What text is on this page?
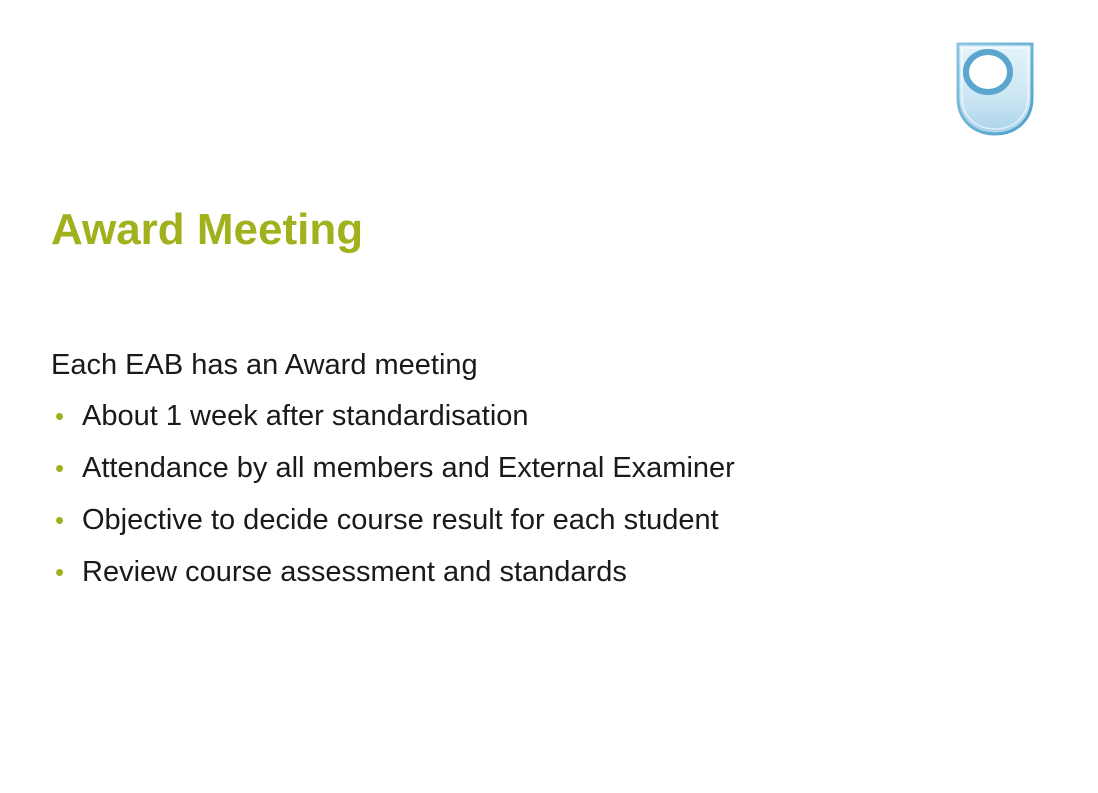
Award Meeting
Each EAB has an Award meeting
• About 1 week after standardisation
• Attendance by all members and External Examiner
• Objective to decide course result for each student
• Review course assessment and standards
